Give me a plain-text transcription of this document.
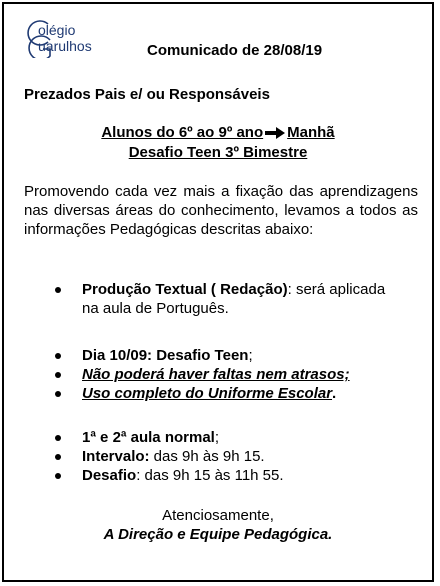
olégio
uarulhos	Comunicado de 28/08/19
Prezados Pais e/ ou Responsáveis
Alunos do 6º ao 9º ano Manhã
Desafio Teen 3º Bimestre
Promovendo cada vez mais a fixação das aprendizagens nas diversas áreas do conhecimento, levamos a todos as informações Pedagógicas descritas abaixo:
Produção Textual ( Redação): será aplicada na aula de Português.
Dia 10/09: Desafio Teen;
Não poderá haver faltas nem atrasos;
Uso completo do Uniforme Escolar.
1ª e 2ª aula normal;
Intervalo: das 9h às 9h 15.
Desafio: das 9h 15 às 11h 55.
Atenciosamente,
A Direção e Equipe Pedagógica.
